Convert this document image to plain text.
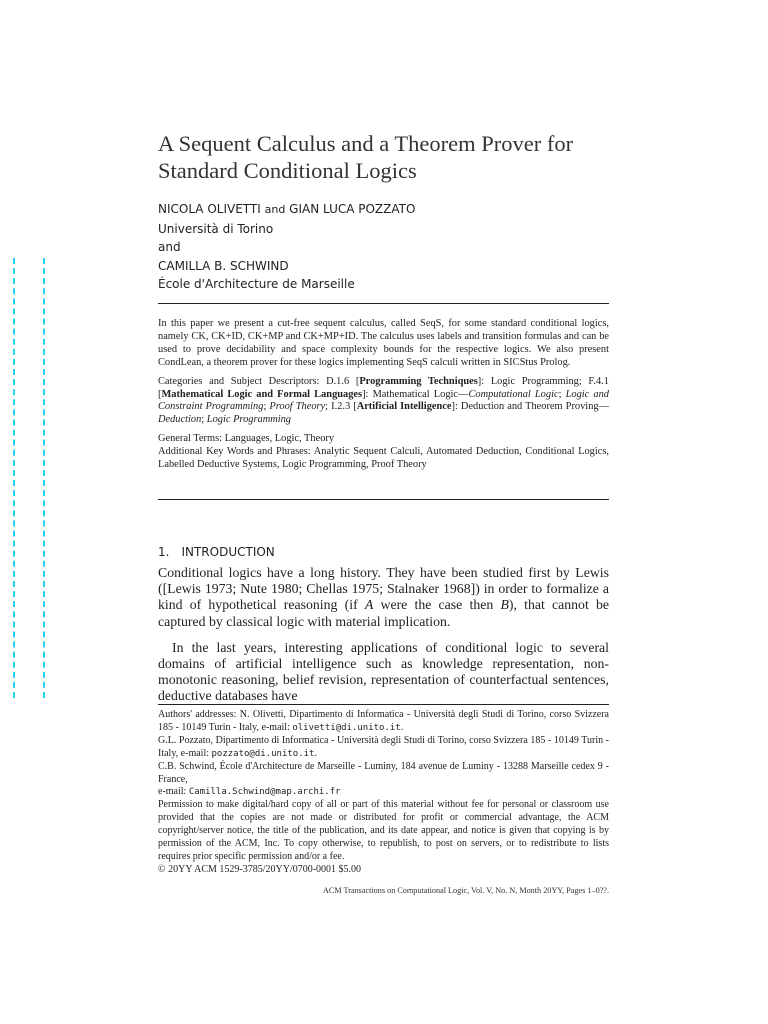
A Sequent Calculus and a Theorem Prover for
Standard Conditional Logics
NICOLA OLIVETTI and GIAN LUCA POZZATO
Università di Torino
and
CAMILLA B. SCHWIND
École d'Architecture de Marseille

In this paper we present a cut-free sequent calculus, called SeqS, for some standard conditional logics, namely CK, CK+ID, CK+MP and CK+MP+ID. The calculus uses labels and transition formulas and can be used to prove decidability and space complexity bounds for the respective logics. We also present CondLean, a theorem prover for these logics implementing SeqS calculi written in SICStus Prolog.

Categories and Subject Descriptors: D.1.6 [Programming Techniques]: Logic Programming; F.4.1 [Mathematical Logic and Formal Languages]: Mathematical Logic—Computational Logic; Logic and Constraint Programming; Proof Theory; I.2.3 [Artificial Intelligence]: Deduction and Theorem Proving—Deduction; Logic Programming

General Terms: Languages, Logic, Theory

Additional Key Words and Phrases: Analytic Sequent Calculi, Automated Deduction, Conditional Logics, Labelled Deductive Systems, Logic Programming, Proof Theory

1. INTRODUCTION

Conditional logics have a long history. They have been studied first by Lewis ([Lewis 1973; Nute 1980; Chellas 1975; Stalnaker 1968]) in order to formalize a kind of hypothetical reasoning (if A were the case then B), that cannot be captured by classical logic with material implication.

In the last years, interesting applications of conditional logic to several domains of artificial intelligence such as knowledge representation, non-monotonic reasoning, belief revision, representation of counterfactual sentences, deductive databases have

Authors' addresses: N. Olivetti, Dipartimento di Informatica - Università degli Studi di Torino, corso Svizzera 185 - 10149 Turin - Italy, e-mail: olivetti@di.unito.it.

G.L. Pozzato, Dipartimento di Informatica - Università degli Studi di Torino, corso Svizzera 185 - 10149 Turin - Italy, e-mail: pozzato@di.unito.it.

C.B. Schwind, École d'Architecture de Marseille - Luminy, 184 avenue de Luminy - 13288 Marseille cedex 9 - France,

e-mail: Camilla.Schwind@map.archi.fr

Permission to make digital/hard copy of all or part of this material without fee for personal or classroom use provided that the copies are not made or distributed for profit or commercial advantage, the ACM copyright/server notice, the title of the publication, and its date appear, and notice is given that copying is by permission of the ACM, Inc. To copy otherwise, to republish, to post on servers, or to redistribute to lists requires prior specific permission and/or a fee.

© 20YY ACM 1529-3785/20YY/0700-0001 $5.00

ACM Transactions on Computational Logic, Vol. V, No. N, Month 20YY, Pages 1–0??.
